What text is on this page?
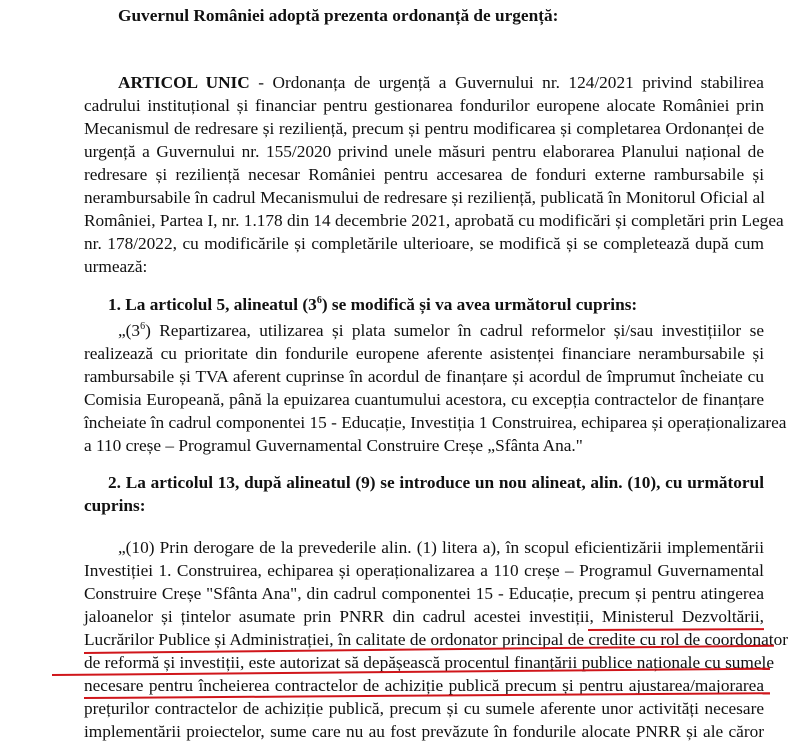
Guvernul României adoptă prezenta ordonanță de urgență:
ARTICOL UNIC - Ordonanța de urgență a Guvernului nr. 124/2021 privind stabilirea
cadrului instituțional și financiar pentru gestionarea fondurilor europene alocate României prin
Mecanismul de redresare și reziliență, precum și pentru modificarea și completarea Ordonanței de
urgență a Guvernului nr. 155/2020 privind unele măsuri pentru elaborarea Planului național de
redresare și reziliență necesar României pentru accesarea de fonduri externe rambursabile și
nerambursabile în cadrul Mecanismului de redresare și reziliență, publicată în Monitorul Oficial al
României, Partea I, nr. 1.178 din 14 decembrie 2021, aprobată cu modificări și completări prin Legea
nr. 178/2022, cu modificările și completările ulterioare, se modifică și se completează după cum
urmează:
1. La articolul 5, alineatul $(3^6)$ se modifică și va avea următorul cuprins:
$„(3^6)$ Repartizarea, utilizarea și plata sumelor în cadrul reformelor și/sau investițiilor se
realizează cu prioritate din fondurile europene aferente asistenței financiare nerambursabile și
rambursabile și TVA aferent cuprinse în acordul de finanțare și acordul de împrumut încheiate cu
Comisia Europeană, până la epuizarea cuantumului acestora, cu excepția contractelor de finanțare
încheiate în cadrul componentei 15 - Educație, Investiția 1 Construirea, echiparea și operaționalizarea
a 110 creșe – Programul Guvernamental Construire Creșe „Sfânta Ana."
2. La articolul 13, după alineatul (9) se introduce un nou alineat, alin. (10), cu următorul
cuprins:
„(10) Prin derogare de la prevederile alin. (1) litera a), în scopul eficientizării implementării
Investiției 1. Construirea, echiparea și operaționalizarea a 110 creșe – Programul Guvernamental
Construire Creșe "Sfânta Ana", din cadrul componentei 15 - Educație, precum și pentru atingerea
jaloanelor și țintelor asumate prin PNRR din cadrul acestei investiții, Ministerul Dezvoltării,
Lucrărilor Publice și Administrației, în calitate de ordonator principal de credite cu rol de coordonator
de reformă și investiții, este autorizat să depășească procentul finanțării publice naționale cu sumele
necesare pentru încheierea contractelor de achiziție publică precum și pentru ajustarea/majorarea
prețurilor contractelor de achiziție publică, precum și cu sumele aferente unor activități necesare
implementării proiectelor, sume care nu au fost prevăzute în fondurile alocate PNRR și ale căror
